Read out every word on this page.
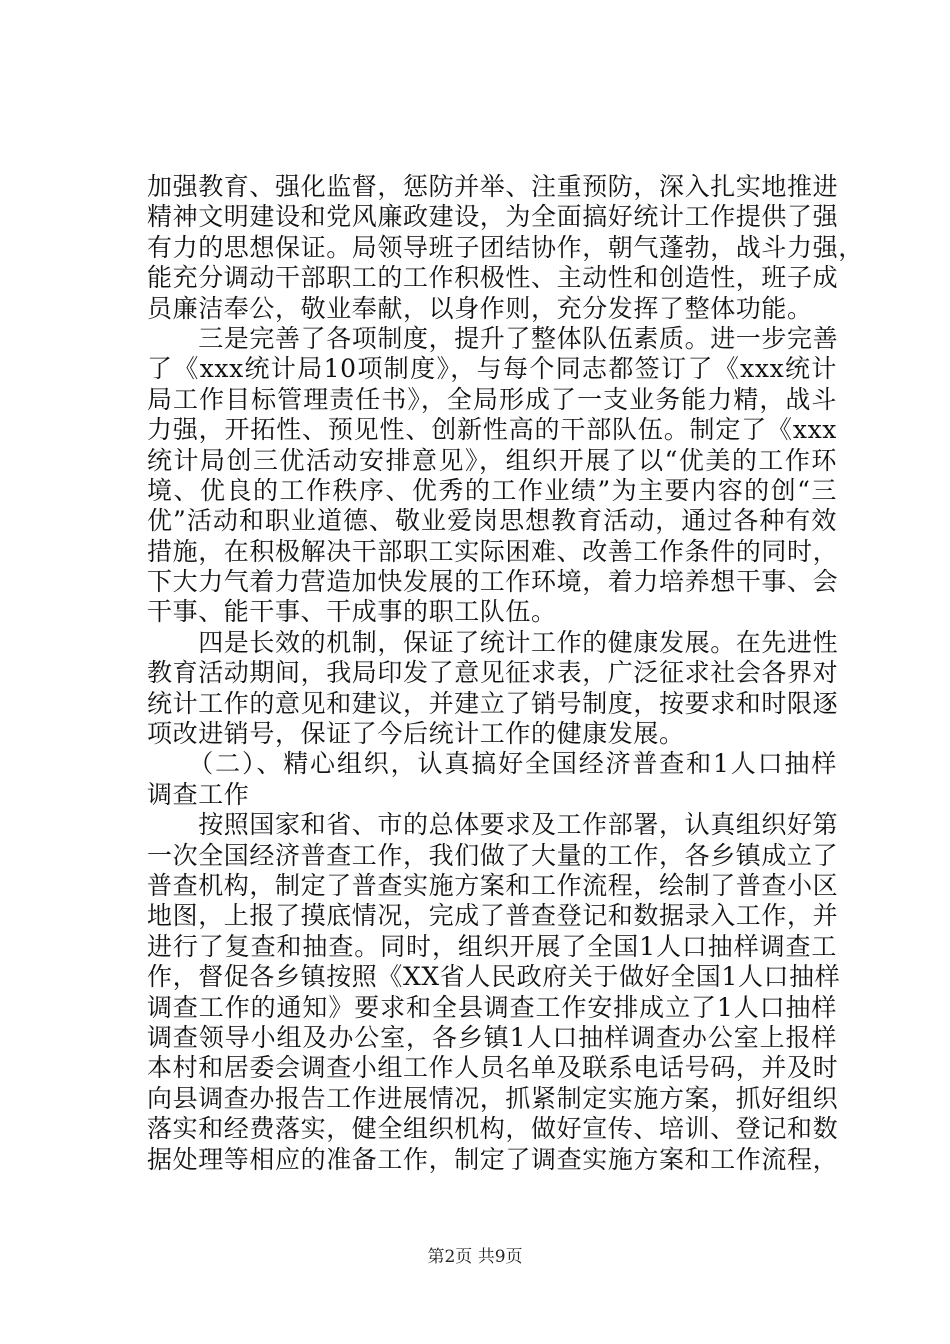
加强教育、强化监督，惩防并举、注重预防，深入扎实地推进
精神文明建设和党风廉政建设，为全面搞好统计工作提供了强
有力的思想保证。局领导班子团结协作，朝气蓬勃，战斗力强，
能充分调动干部职工的工作积极性、主动性和创造性，班子成
员廉洁奉公，敬业奉献，以身作则，充分发挥了整体功能。
　　三是完善了各项制度，提升了整体队伍素质。进一步完善
了《xxx统计局10项制度》，与每个同志都签订了《xxx统计
局工作目标管理责任书》，全局形成了一支业务能力精，战斗
力强，开拓性、预见性、创新性高的干部队伍。制定了《xxx
统计局创三优活动安排意见》，组织开展了以“优美的工作环
境、优良的工作秩序、优秀的工作业绩”为主要内容的创“三
优”活动和职业道德、敬业爱岗思想教育活动，通过各种有效
措施，在积极解决干部职工实际困难、改善工作条件的同时，
下大力气着力营造加快发展的工作环境，着力培养想干事、会
干事、能干事、干成事的职工队伍。
　　四是长效的机制，保证了统计工作的健康发展。在先进性
教育活动期间，我局印发了意见征求表，广泛征求社会各界对
统计工作的意见和建议，并建立了销号制度，按要求和时限逐
项改进销号，保证了今后统计工作的健康发展。
　　（二）、精心组织，认真搞好全国经济普查和1人口抽样
调查工作
　　按照国家和省、市的总体要求及工作部署，认真组织好第
一次全国经济普查工作，我们做了大量的工作，各乡镇成立了
普查机构，制定了普查实施方案和工作流程，绘制了普查小区
地图，上报了摸底情况，完成了普查登记和数据录入工作，并
进行了复查和抽查。同时，组织开展了全国1人口抽样调查工
作，督促各乡镇按照《XX省人民政府关于做好全国1人口抽样
调查工作的通知》要求和全县调查工作安排成立了1人口抽样
调查领导小组及办公室，各乡镇1人口抽样调查办公室上报样
本村和居委会调查小组工作人员名单及联系电话号码，并及时
向县调查办报告工作进展情况，抓紧制定实施方案，抓好组织
落实和经费落实，健全组织机构，做好宣传、培训、登记和数
据处理等相应的准备工作，制定了调查实施方案和工作流程，
第2页 共9页
